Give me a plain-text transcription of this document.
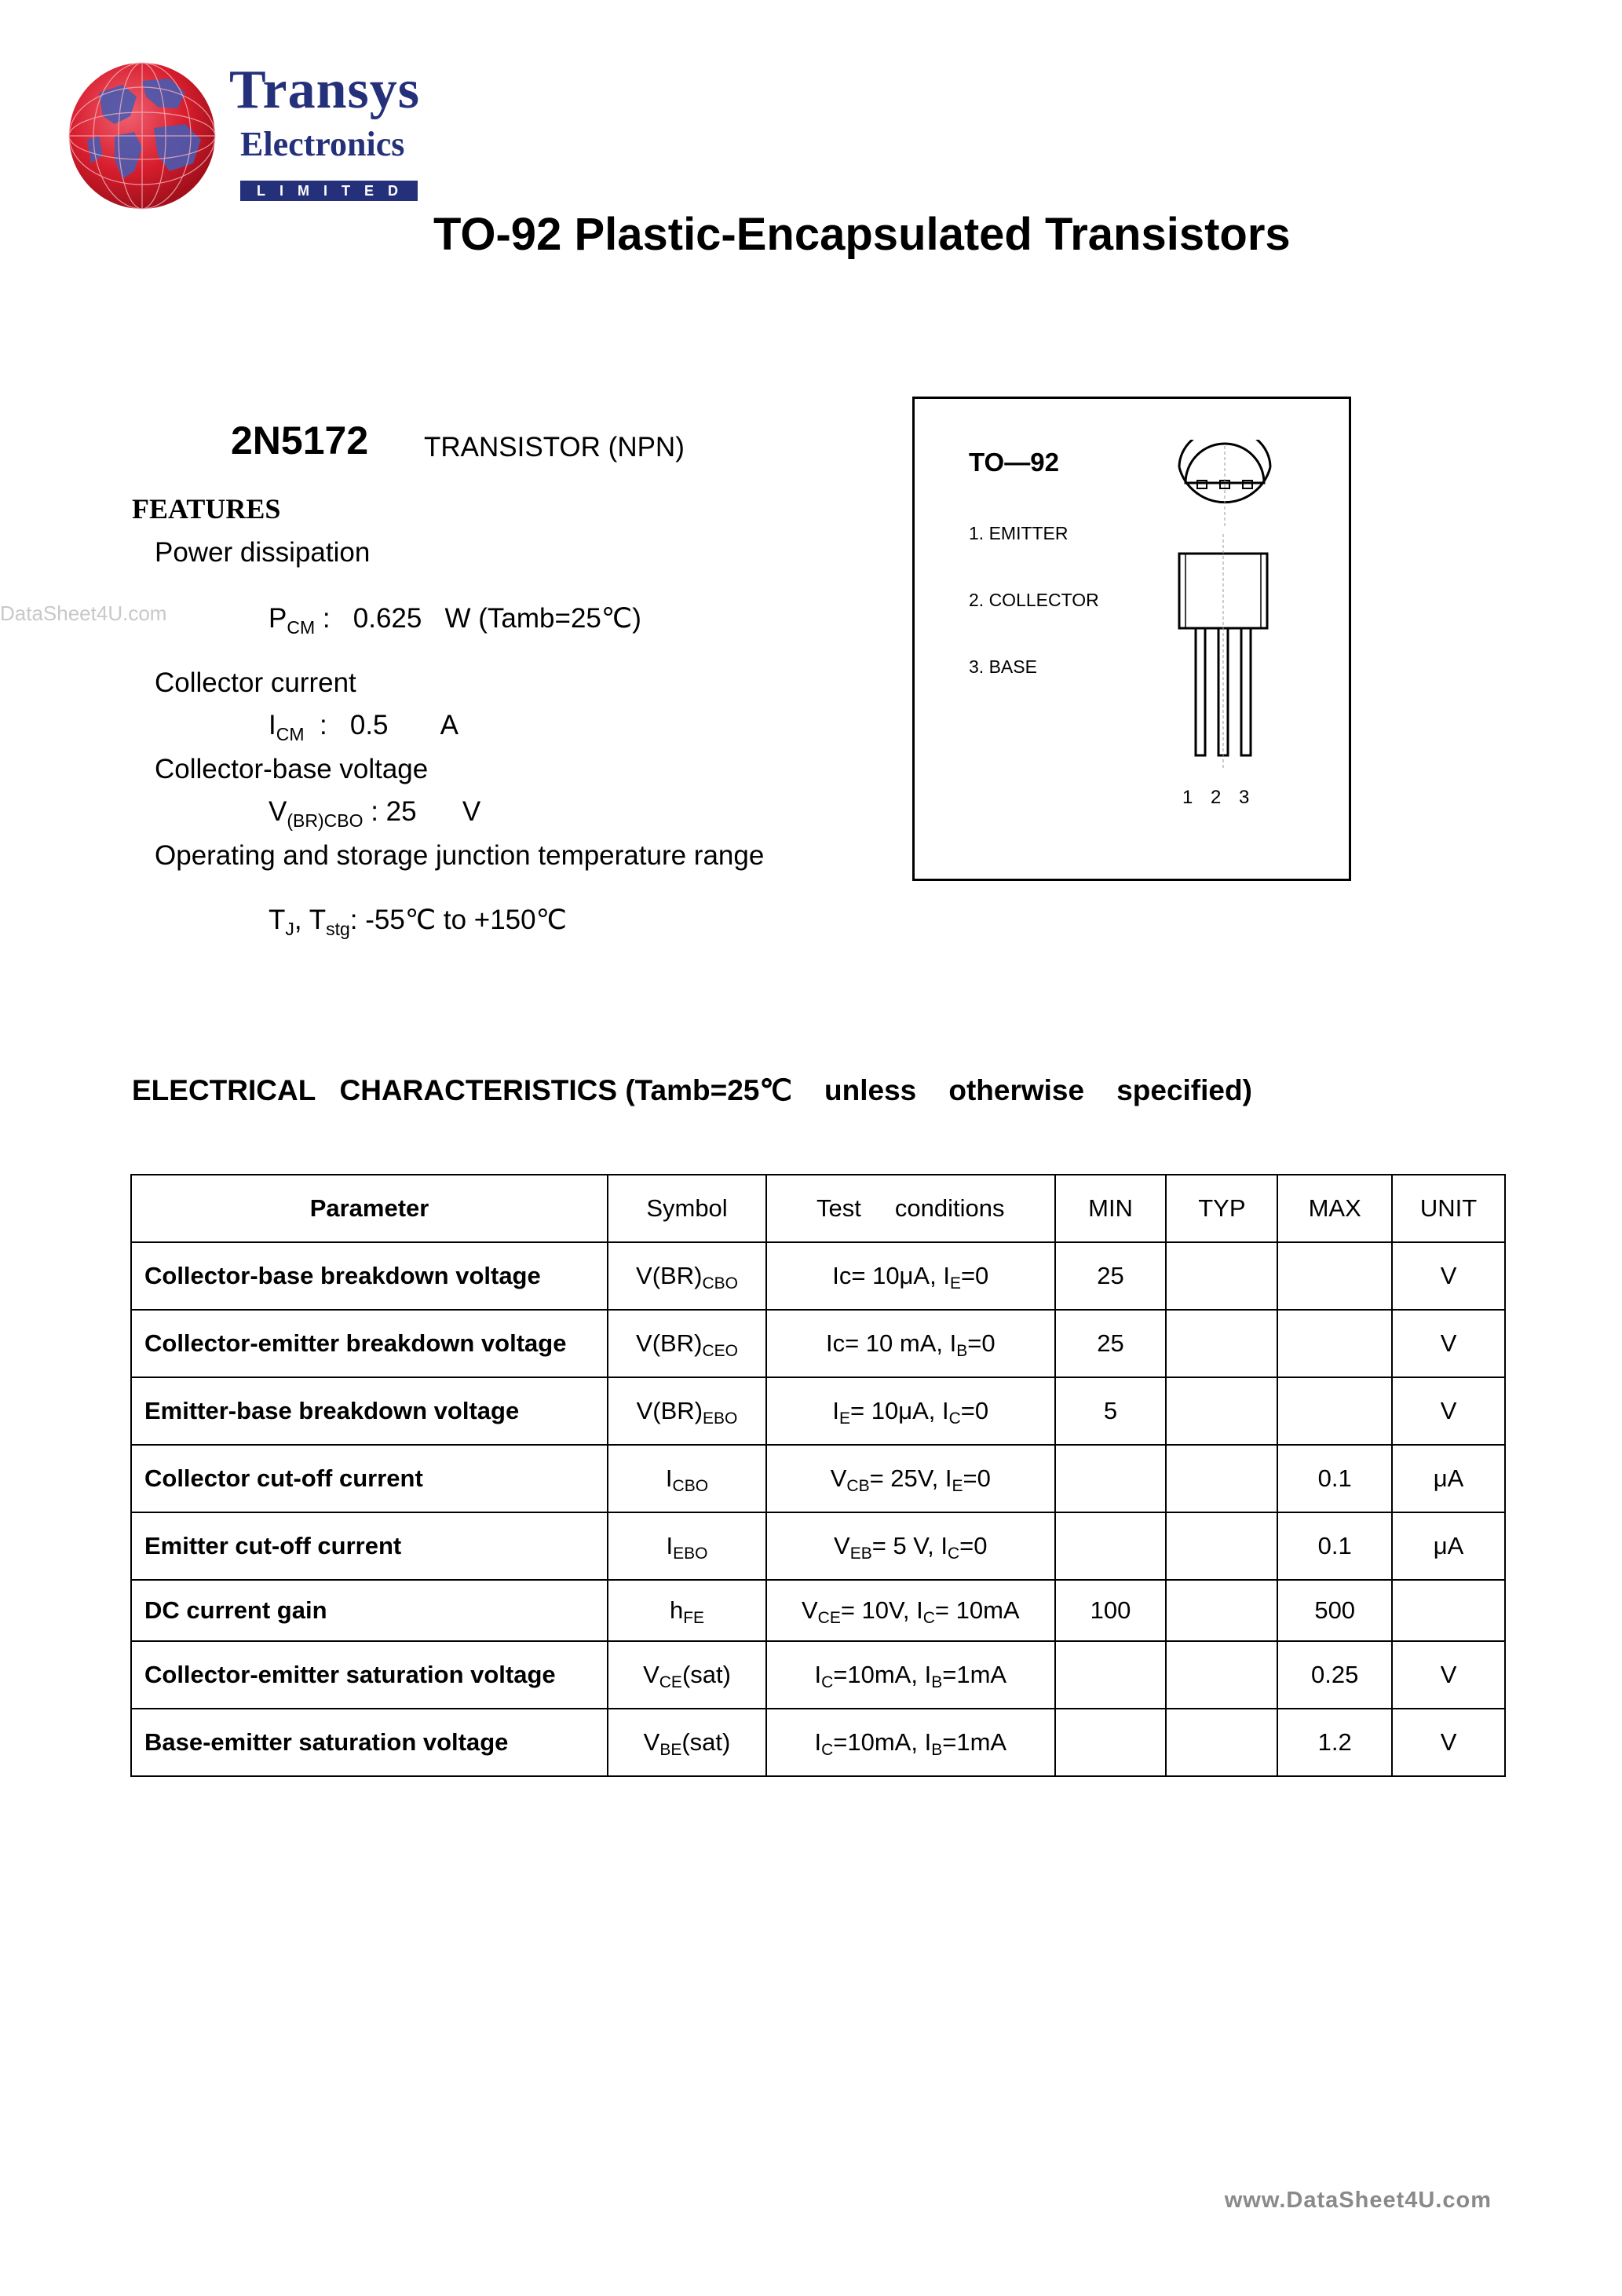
Transys
Electronics
LIMITED
TO-92 Plastic-Encapsulated Transistors
2N5172 TRANSISTOR (NPN)
DataSheet4U.com
FEATURES
Power dissipation
$P_{CM}$ :   0.625   W (Tamb=25℃)
Collector current
$I_{CM}$  :   0.5       A
Collector-base voltage
$V_{(BR)CBO}$ : 25      V
Operating and storage junction temperature range
$T_J$, $T_{stg}$: -55℃ to +150℃
TO—92
1. EMITTER
2. COLLECTOR
3. BASE
1 2 3
ELECTRICAL   CHARACTERISTICS (Tamb=25℃    unless    otherwise    specified)
Parameter	Symbol	Test     conditions	MIN	TYP	MAX	UNIT
Collector-base breakdown voltage	$V(BR)_{CBO}$	Ic= 10μA, $I_E=0$	25			V
Collector-emitter breakdown voltage	$V(BR)_{CEO}$	Ic= 10 mA, $I_B=0$	25			V
Emitter-base breakdown voltage	$V(BR)_{EBO}$	$I_E= 10\mu A$, $I_C=0$	5			V
Collector cut-off current	$I_{CBO}$	$V_{CB}= 25V$, $I_E=0$			0.1	μA
Emitter cut-off current	$I_{EBO}$	$V_{EB}= 5$ V, $I_C=0$			0.1	μA
DC current gain	$h_{FE}$	$V_{CE}= 10V$, $I_C= 10mA$	100		500	
Collector-emitter saturation voltage	$V_{CE}(sat)$	$I_C=10mA$, $I_B=1mA$			0.25	V
Base-emitter saturation voltage	$V_{BE}(sat)$	$I_C=10mA$, $I_B=1mA$			1.2	V
www.DataSheet4U.com
